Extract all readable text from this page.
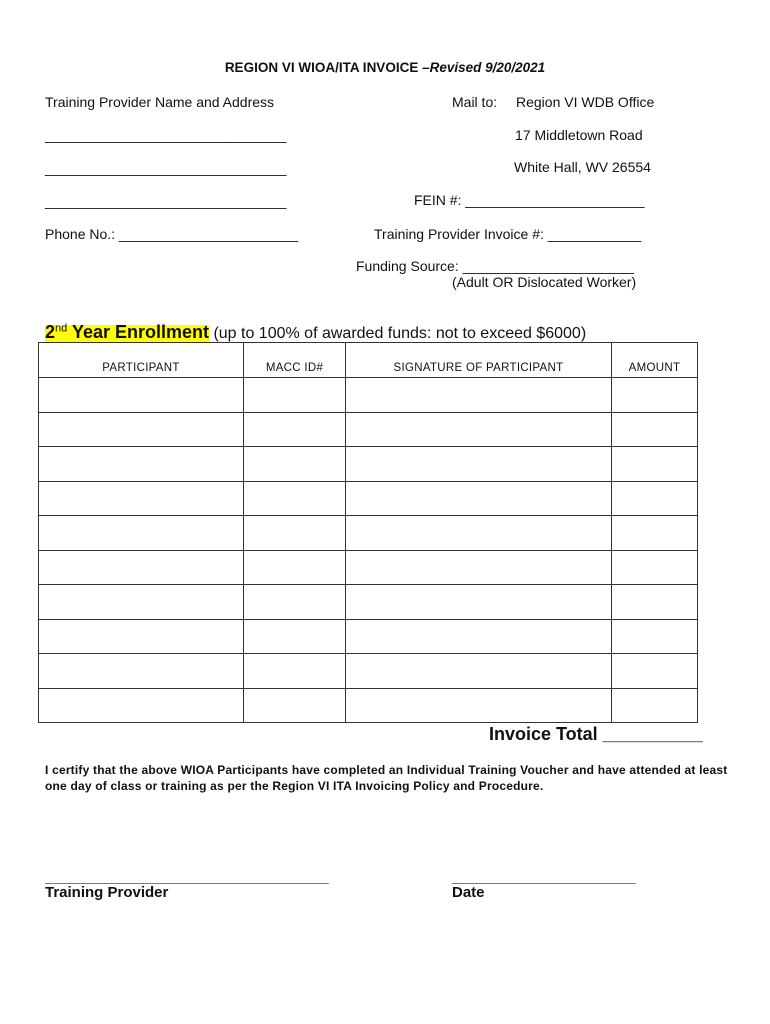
REGION VI WIOA/ITA INVOICE –Revised 9/20/2021
Training Provider Name and Address
_______________________________
_______________________________
_______________________________
Phone No.: _______________________
Mail to: Region VI WDB Office
17 Middletown Road
White Hall, WV 26554
FEIN #: _______________________
Training Provider Invoice #: ____________
Funding Source: ______________________
(Adult OR Dislocated Worker)
2nd Year Enrollment (up to 100% of awarded funds: not to exceed $6000)
PARTICIPANT	MACC ID#	SIGNATURE OF PARTICIPANT	AMOUNT

Invoice Total __________
I certify that the above WIOA Participants have completed an Individual Training Voucher and have attended at least one day of class or training as per the Region VI ITA Invoicing Policy and Procedure.
__________________________________
Training Provider
______________________
Date
